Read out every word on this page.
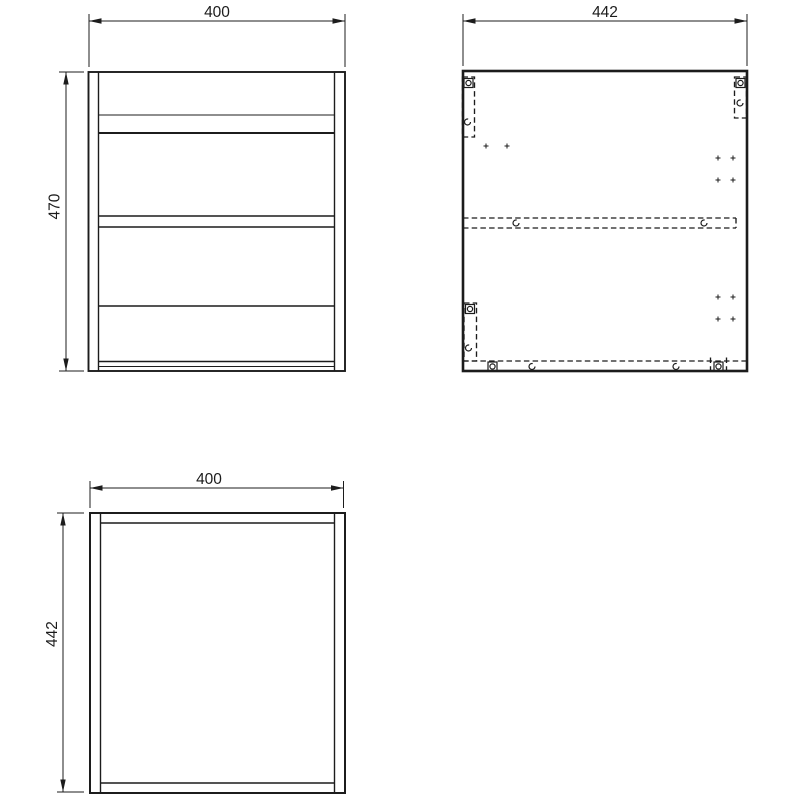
400
470
442
400
442
